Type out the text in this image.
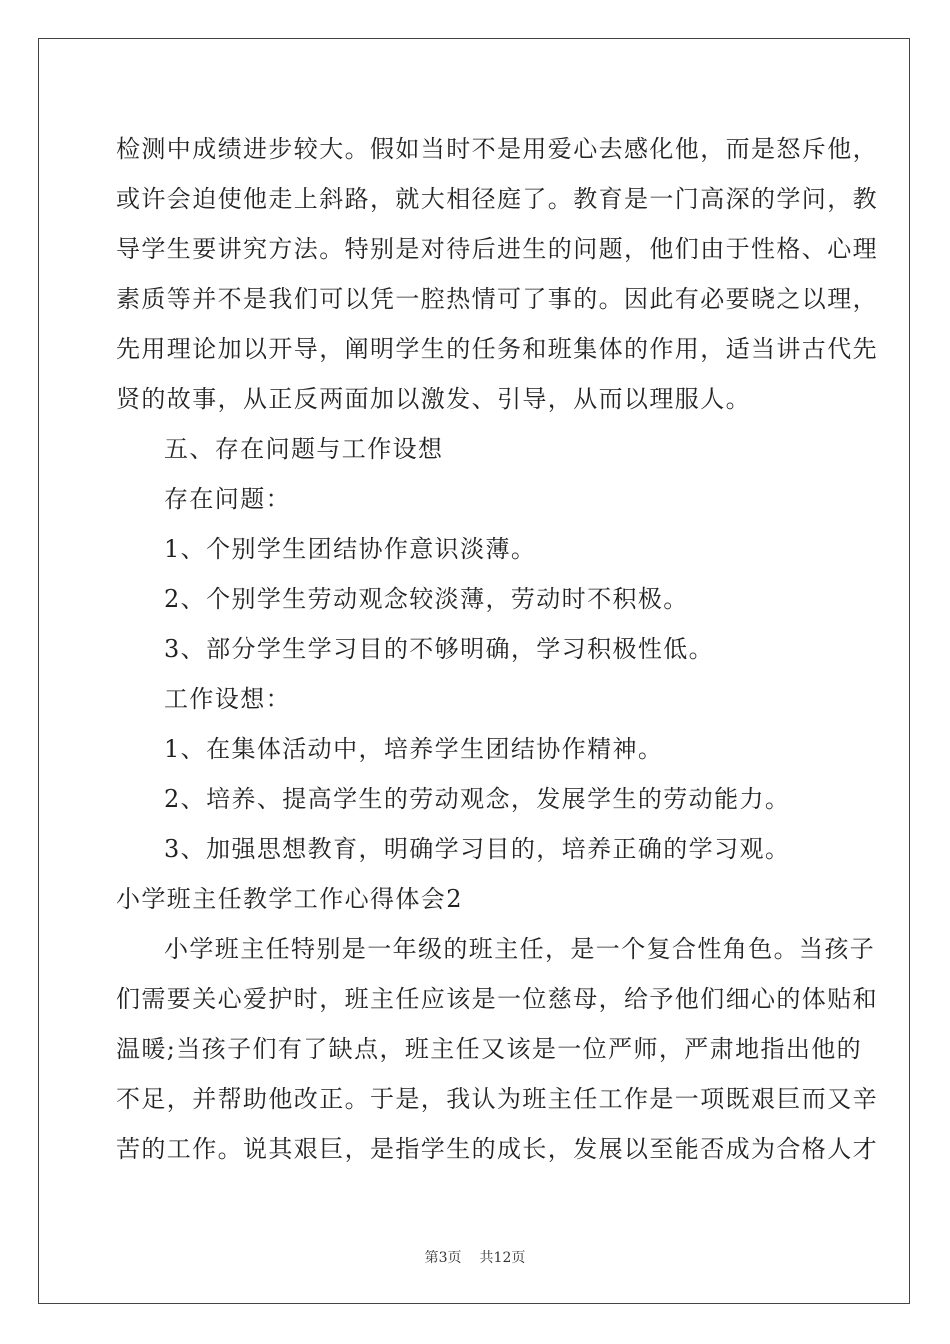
检测中成绩进步较大。假如当时不是用爱心去感化他，而是怒斥他，
或许会迫使他走上斜路，就大相径庭了。教育是一门高深的学问，教
导学生要讲究方法。特别是对待后进生的问题，他们由于性格、心理
素质等并不是我们可以凭一腔热情可了事的。因此有必要晓之以理，
先用理论加以开导，阐明学生的任务和班集体的作用，适当讲古代先
贤的故事，从正反两面加以激发、引导，从而以理服人。
五、存在问题与工作设想
存在问题：
1、个别学生团结协作意识淡薄。
2、个别学生劳动观念较淡薄，劳动时不积极。
3、部分学生学习目的不够明确，学习积极性低。
工作设想：
1、在集体活动中，培养学生团结协作精神。
2、培养、提高学生的劳动观念，发展学生的劳动能力。
3、加强思想教育，明确学习目的，培养正确的学习观。
小学班主任教学工作心得体会2
小学班主任特别是一年级的班主任，是一个复合性角色。当孩子
们需要关心爱护时，班主任应该是一位慈母，给予他们细心的体贴和
温暖;当孩子们有了缺点，班主任又该是一位严师，严肃地指出他的
不足，并帮助他改正。于是，我认为班主任工作是一项既艰巨而又辛
苦的工作。说其艰巨，是指学生的成长，发展以至能否成为合格人才
第3页 共12页
